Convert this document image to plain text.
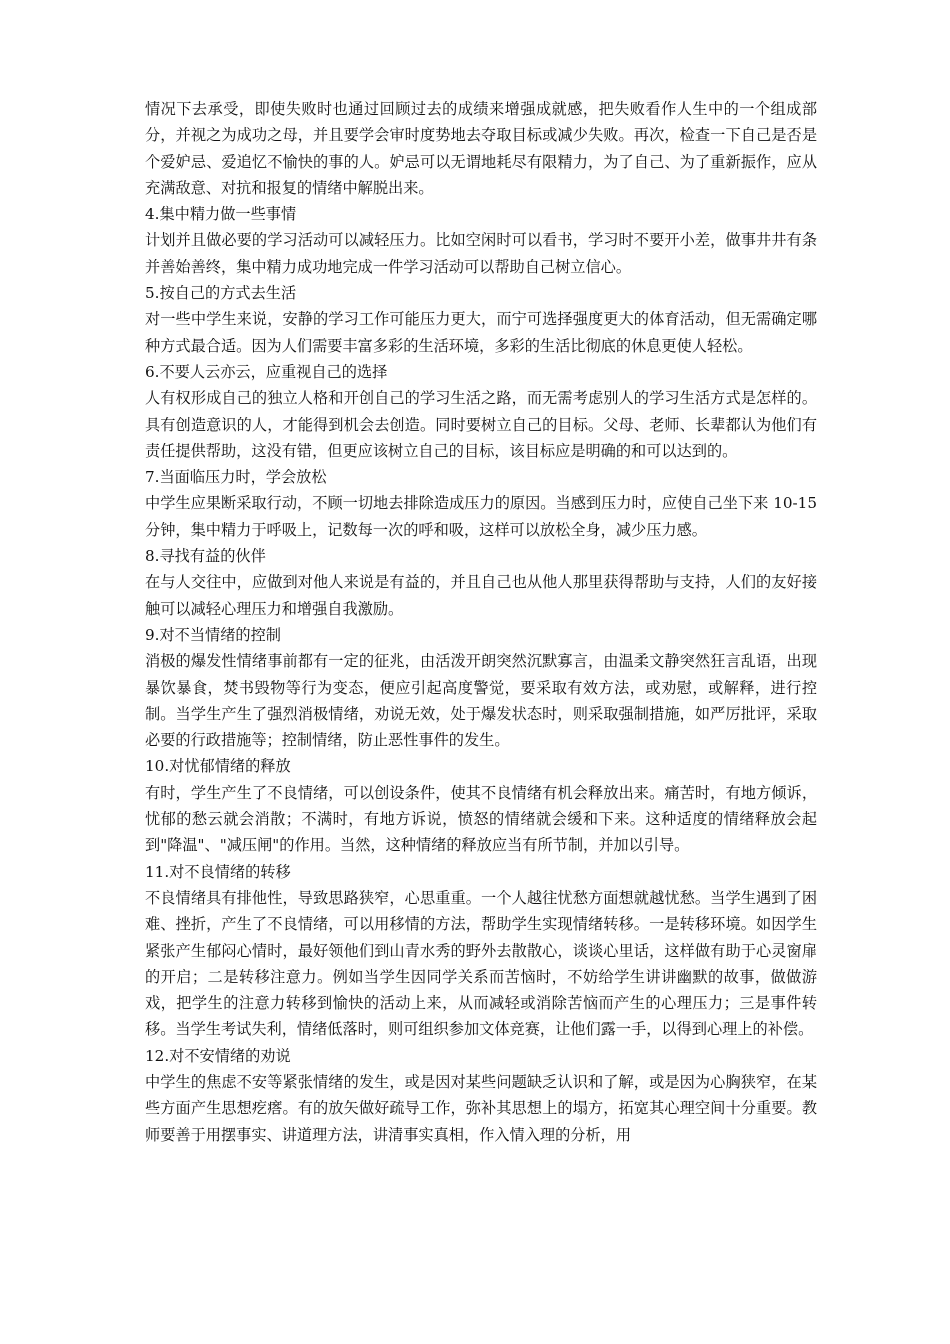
情况下去承受，即使失败时也通过回顾过去的成绩来增强成就感，把失败看作人生中的一个组成部分，并视之为成功之母，并且要学会审时度势地去夺取目标或减少失败。再次，检查一下自己是否是个爱妒忌、爱追忆不愉快的事的人。妒忌可以无谓地耗尽有限精力，为了自己、为了重新振作，应从充满敌意、对抗和报复的情绪中解脱出来。

4.集中精力做一些事情

计划并且做必要的学习活动可以减轻压力。比如空闲时可以看书，学习时不要开小差，做事井井有条并善始善终，集中精力成功地完成一件学习活动可以帮助自己树立信心。

5.按自己的方式去生活

对一些中学生来说，安静的学习工作可能压力更大，而宁可选择强度更大的体育活动，但无需确定哪种方式最合适。因为人们需要丰富多彩的生活环境，多彩的生活比彻底的休息更使人轻松。

6.不要人云亦云，应重视自己的选择

人有权形成自己的独立人格和开创自己的学习生活之路，而无需考虑别人的学习生活方式是怎样的。具有创造意识的人，才能得到机会去创造。同时要树立自己的目标。父母、老师、长辈都认为他们有责任提供帮助，这没有错，但更应该树立自己的目标，该目标应是明确的和可以达到的。

7.当面临压力时，学会放松

中学生应果断采取行动，不顾一切地去排除造成压力的原因。当感到压力时，应使自己坐下来 10-15 分钟，集中精力于呼吸上，记数每一次的呼和吸，这样可以放松全身，减少压力感。

8.寻找有益的伙伴

在与人交往中，应做到对他人来说是有益的，并且自己也从他人那里获得帮助与支持，人们的友好接触可以减轻心理压力和增强自我激励。

9.对不当情绪的控制

消极的爆发性情绪事前都有一定的征兆，由活泼开朗突然沉默寡言，由温柔文静突然狂言乱语，出现暴饮暴食，焚书毁物等行为变态，便应引起高度警觉，要采取有效方法，或劝慰，或解释，进行控制。当学生产生了强烈消极情绪，劝说无效，处于爆发状态时，则采取强制措施，如严厉批评，采取必要的行政措施等；控制情绪，防止恶性事件的发生。

10.对忧郁情绪的释放

有时，学生产生了不良情绪，可以创设条件，使其不良情绪有机会释放出来。痛苦时，有地方倾诉，忧郁的愁云就会消散；不满时，有地方诉说，愤怒的情绪就会缓和下来。这种适度的情绪释放会起到"降温"、"减压闸"的作用。当然，这种情绪的释放应当有所节制，并加以引导。

11.对不良情绪的转移

不良情绪具有排他性，导致思路狭窄，心思重重。一个人越往忧愁方面想就越忧愁。当学生遇到了困难、挫折，产生了不良情绪，可以用移情的方法，帮助学生实现情绪转移。一是转移环境。如因学生紧张产生郁闷心情时，最好领他们到山青水秀的野外去散散心，谈谈心里话，这样做有助于心灵窗扉的开启；二是转移注意力。例如当学生因同学关系而苦恼时，不妨给学生讲讲幽默的故事，做做游戏，把学生的注意力转移到愉快的活动上来，从而减轻或消除苦恼而产生的心理压力；三是事件转移。当学生考试失利，情绪低落时，则可组织参加文体竞赛，让他们露一手，以得到心理上的补偿。

12.对不安情绪的劝说

中学生的焦虑不安等紧张情绪的发生，或是因对某些问题缺乏认识和了解，或是因为心胸狭窄，在某些方面产生思想疙瘩。有的放矢做好疏导工作，弥补其思想上的塌方，拓宽其心理空间十分重要。教师要善于用摆事实、讲道理方法，讲清事实真相，作入情入理的分析，用
